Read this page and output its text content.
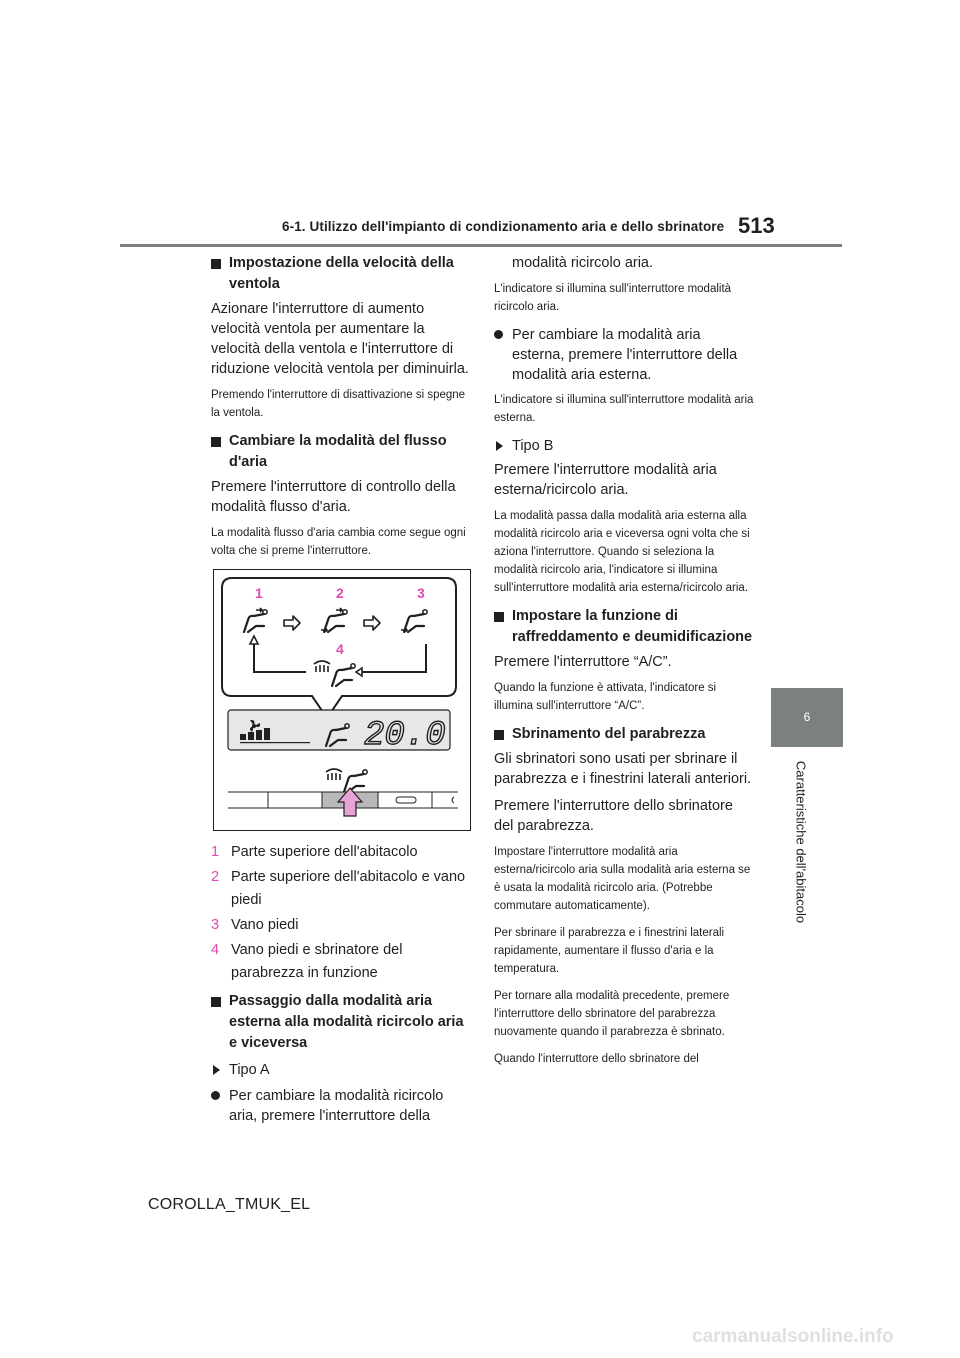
6-1. Utilizzo dell'impianto di condizionamento aria e dello sbrinatore 513
6
Caratteristiche dell'abitacolo
Impostazione della velocità della ventola
Azionare l'interruttore di aumento velocità ventola per aumentare la velocità della ventola e l'interruttore di riduzione velocità ventola per diminuirla.
Premendo l'interruttore di disattivazione si spegne la ventola.
Cambiare la modalità del flusso d'aria
Premere l'interruttore di controllo della modalità flusso d'aria.
La modalità flusso d'aria cambia come segue ogni volta che si preme l'interruttore.
1	2	3
4
20.0
1 Parte superiore dell'abitacolo
2 Parte superiore dell'abitacolo e vano piedi
3 Vano piedi
4 Vano piedi e sbrinatore del parabrezza in funzione
Passaggio dalla modalità aria esterna alla modalità ricircolo aria e viceversa
Tipo A
Per cambiare la modalità ricircolo aria, premere l'interruttore della
modalità ricircolo aria.
L'indicatore si illumina sull'interruttore modalità ricircolo aria.
Per cambiare la modalità aria esterna, premere l'interruttore della modalità aria esterna.
L'indicatore si illumina sull'interruttore modalità aria esterna.
Tipo B
Premere l'interruttore modalità aria esterna/ricircolo aria.
La modalità passa dalla modalità aria esterna alla modalità ricircolo aria e viceversa ogni volta che si aziona l'interruttore. Quando si seleziona la modalità ricircolo aria, l'indicatore si illumina sull'interruttore modalità aria esterna/ricircolo aria.
Impostare la funzione di raffreddamento e deumidificazione
Premere l'interruttore “A/C”.
Quando la funzione è attivata, l'indicatore si illumina sull'interruttore “A/C”.
Sbrinamento del parabrezza
Gli sbrinatori sono usati per sbrinare il parabrezza e i finestrini laterali anteriori.
Premere l'interruttore dello sbrinatore del parabrezza.
Impostare l'interruttore modalità aria esterna/ricircolo aria sulla modalità aria esterna se è usata la modalità ricircolo aria. (Potrebbe commutare automaticamente).
Per sbrinare il parabrezza e i finestrini laterali rapidamente, aumentare il flusso d'aria e la temperatura.
Per tornare alla modalità precedente, premere l'interruttore dello sbrinatore del parabrezza nuovamente quando il parabrezza è sbrinato.
Quando l'interruttore dello sbrinatore del
COROLLA_TMUK_EL
carmanualsonline.info
